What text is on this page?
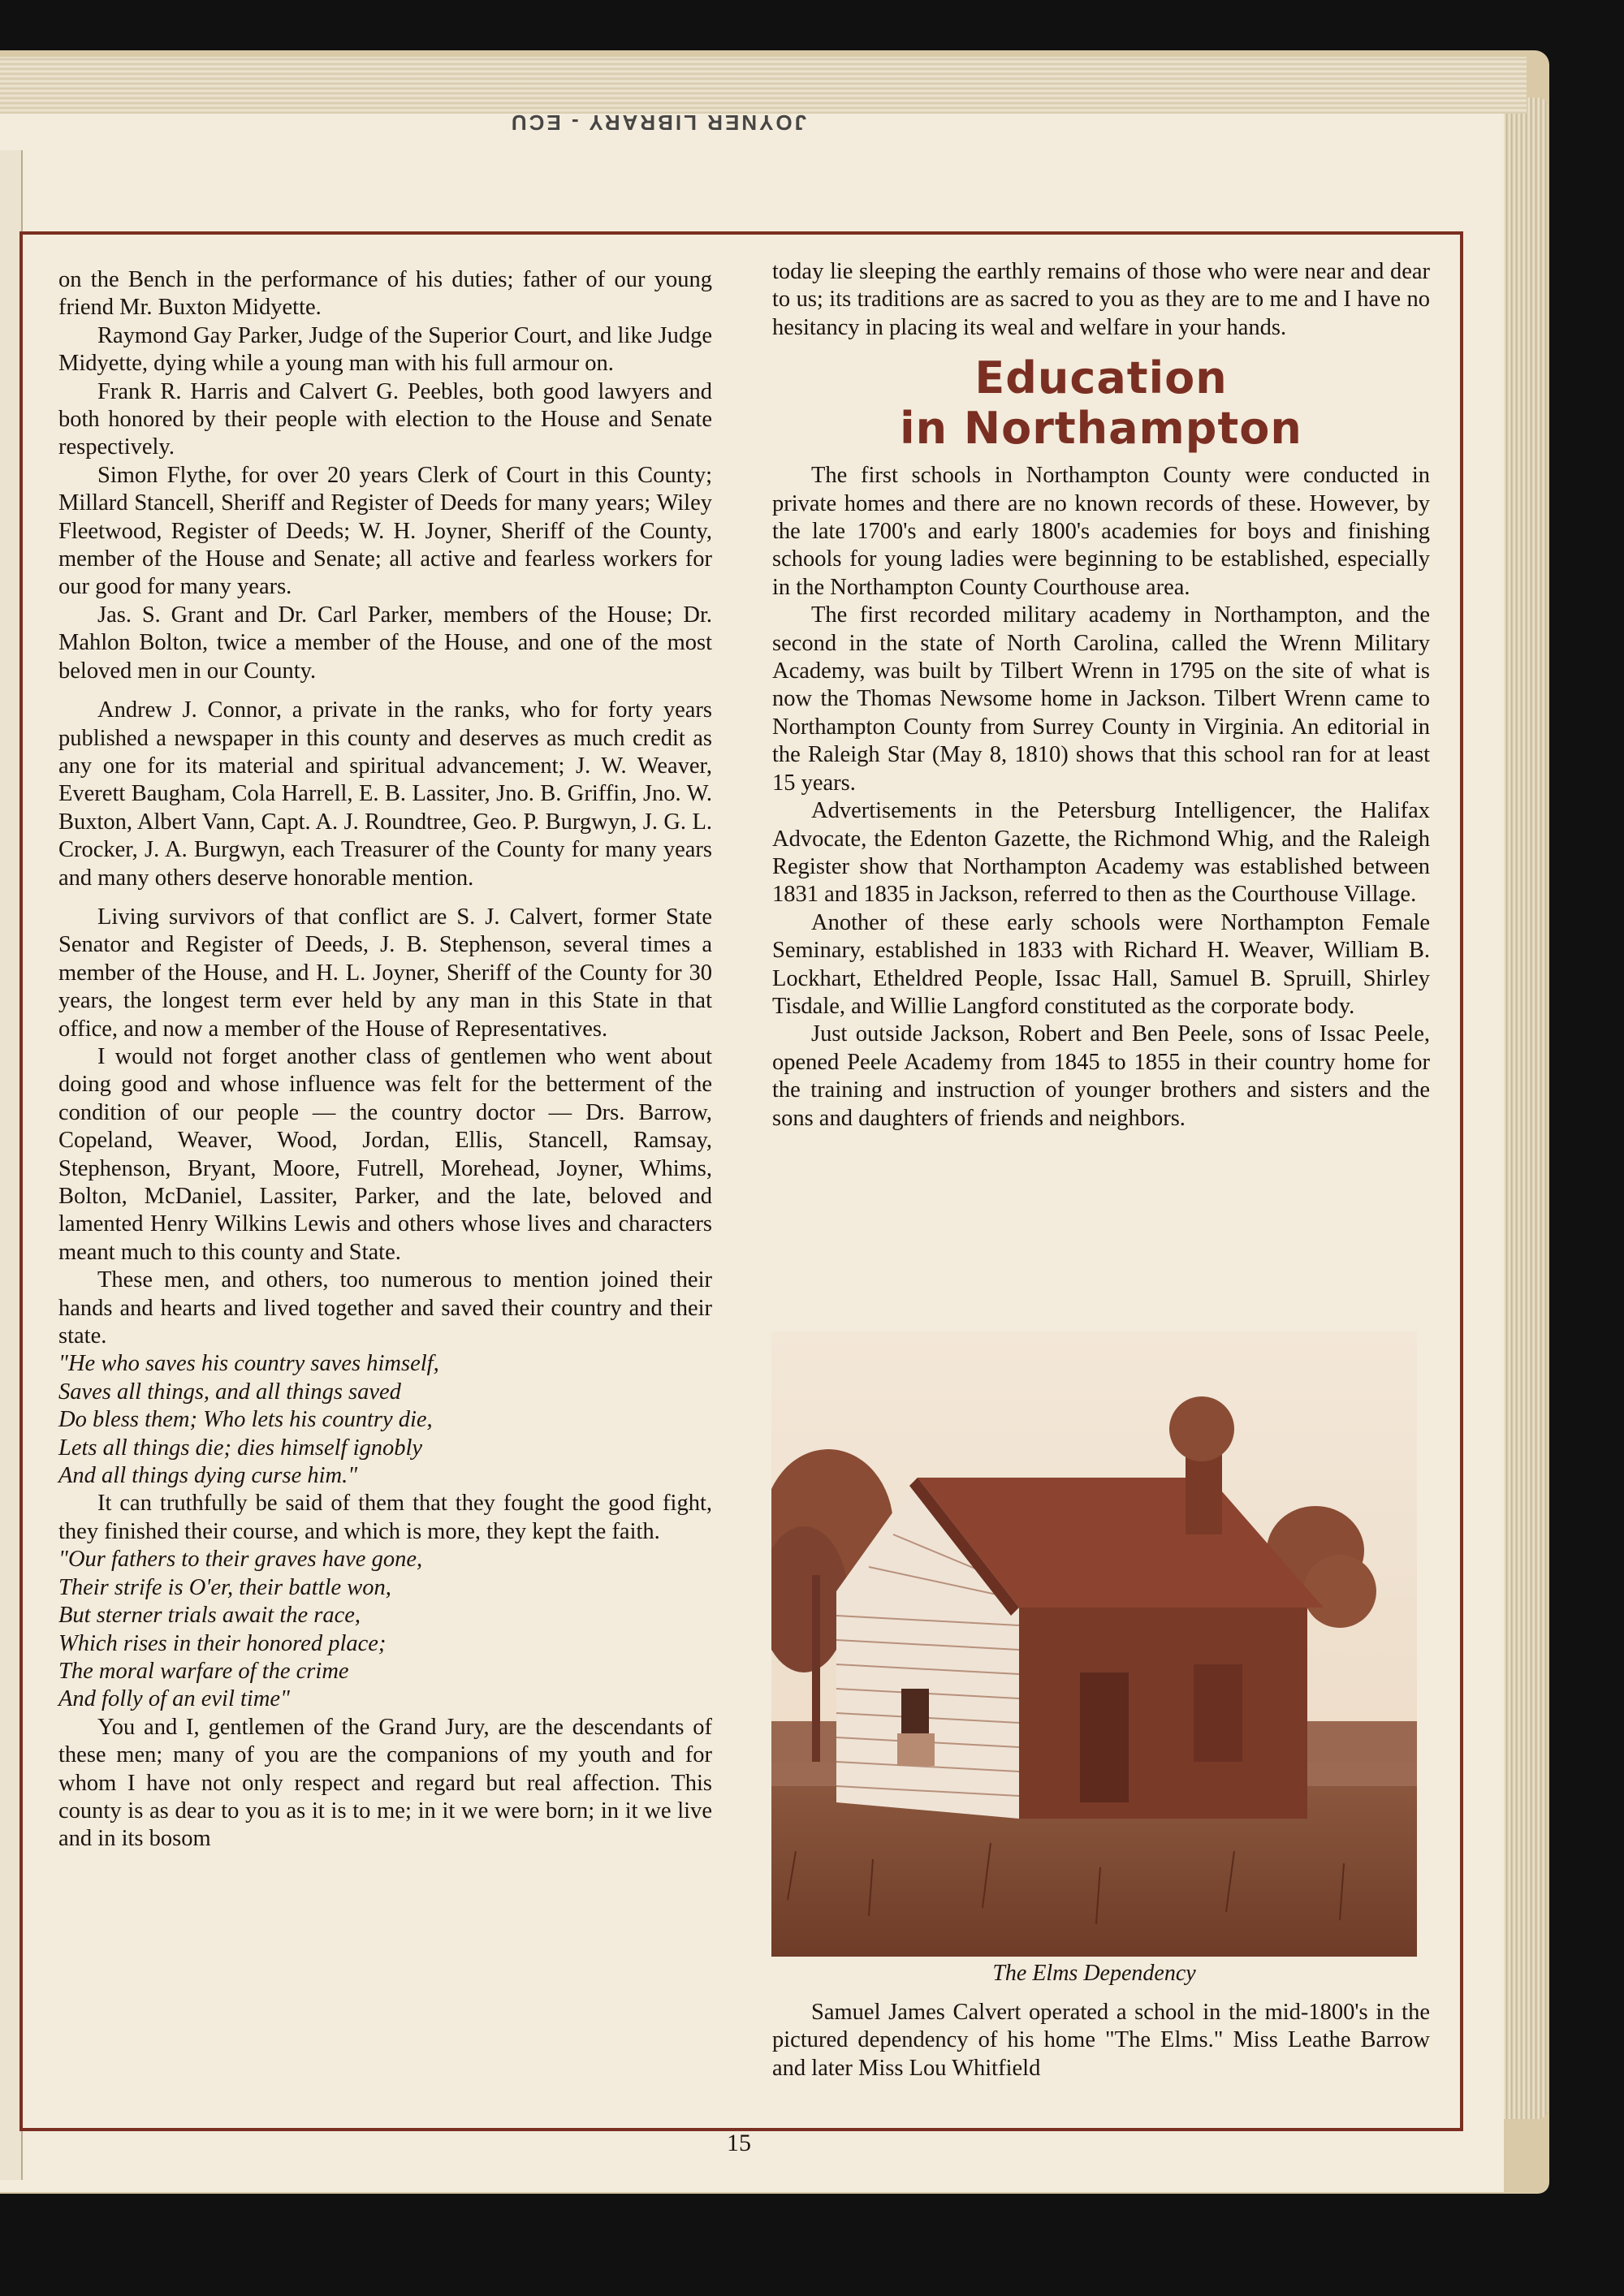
JOYNER LIBRARY - ECU

on the Bench in the performance of his duties; father of our young friend Mr. Buxton Midyette.

Raymond Gay Parker, Judge of the Superior Court, and like Judge Midyette, dying while a young man with his full armour on.

Frank R. Harris and Calvert G. Peebles, both good lawyers and both honored by their people with election to the House and Senate respectively.

Simon Flythe, for over 20 years Clerk of Court in this County; Millard Stancell, Sheriff and Register of Deeds for many years; Wiley Fleetwood, Register of Deeds; W. H. Joyner, Sheriff of the County, member of the House and Senate; all active and fearless workers for our good for many years.

Jas. S. Grant and Dr. Carl Parker, members of the House; Dr. Mahlon Bolton, twice a member of the House, and one of the most beloved men in our County.

Andrew J. Connor, a private in the ranks, who for forty years published a newspaper in this county and deserves as much credit as any one for its material and spiritual advancement; J. W. Weaver, Everett Baugham, Cola Harrell, E. B. Lassiter, Jno. B. Griffin, Jno. W. Buxton, Albert Vann, Capt. A. J. Roundtree, Geo. P. Burgwyn, J. G. L. Crocker, J. A. Burgwyn, each Treasurer of the County for many years and many others deserve honorable mention.

Living survivors of that conflict are S. J. Calvert, former State Senator and Register of Deeds, J. B. Stephenson, several times a member of the House, and H. L. Joyner, Sheriff of the County for 30 years, the longest term ever held by any man in this State in that office, and now a member of the House of Representatives.

I would not forget another class of gentlemen who went about doing good and whose influence was felt for the betterment of the condition of our people — the country doctor — Drs. Barrow, Copeland, Weaver, Wood, Jordan, Ellis, Stancell, Ramsay, Stephenson, Bryant, Moore, Futrell, Morehead, Joyner, Whims, Bolton, McDaniel, Lassiter, Parker, and the late, beloved and lamented Henry Wilkins Lewis and others whose lives and characters meant much to this county and State.

These men, and others, too numerous to mention joined their hands and hearts and lived together and saved their country and their state.

"He who saves his country saves himself,

Saves all things, and all things saved

Do bless them; Who lets his country die,

Lets all things die; dies himself ignobly

And all things dying curse him."

It can truthfully be said of them that they fought the good fight, they finished their course, and which is more, they kept the faith.

"Our fathers to their graves have gone,

Their strife is O'er, their battle won,

But sterner trials await the race,

Which rises in their honored place;

The moral warfare of the crime

And folly of an evil time"

You and I, gentlemen of the Grand Jury, are the descendants of these men; many of you are the companions of my youth and for whom I have not only respect and regard but real affection. This county is as dear to you as it is to me; in it we were born; in it we live and in its bosom

today lie sleeping the earthly remains of those who were near and dear to us; its traditions are as sacred to you as they are to me and I have no hesitancy in placing its weal and welfare in your hands.

Education
in Northampton

The first schools in Northampton County were conducted in private homes and there are no known records of these. However, by the late 1700's and early 1800's academies for boys and finishing schools for young ladies were beginning to be established, especially in the Northampton County Courthouse area.

The first recorded military academy in Northampton, and the second in the state of North Carolina, called the Wrenn Military Academy, was built by Tilbert Wrenn in 1795 on the site of what is now the Thomas Newsome home in Jackson. Tilbert Wrenn came to Northampton County from Surrey County in Virginia. An editorial in the Raleigh Star (May 8, 1810) shows that this school ran for at least 15 years.

Advertisements in the Petersburg Intelligencer, the Halifax Advocate, the Edenton Gazette, the Richmond Whig, and the Raleigh Register show that Northampton Academy was established between 1831 and 1835 in Jackson, referred to then as the Courthouse Village.

Another of these early schools were Northampton Female Seminary, established in 1833 with Richard H. Weaver, William B. Lockhart, Etheldred People, Issac Hall, Samuel B. Spruill, Shirley Tisdale, and Willie Langford constituted as the corporate body.

Just outside Jackson, Robert and Ben Peele, sons of Issac Peele, opened Peele Academy from 1845 to 1855 in their country home for the training and instruction of younger brothers and sisters and the sons and daughters of friends and neighbors.

The Elms Dependency

Samuel James Calvert operated a school in the mid-1800's in the pictured dependency of his home "The Elms." Miss Leathe Barrow and later Miss Lou Whitfield

15
